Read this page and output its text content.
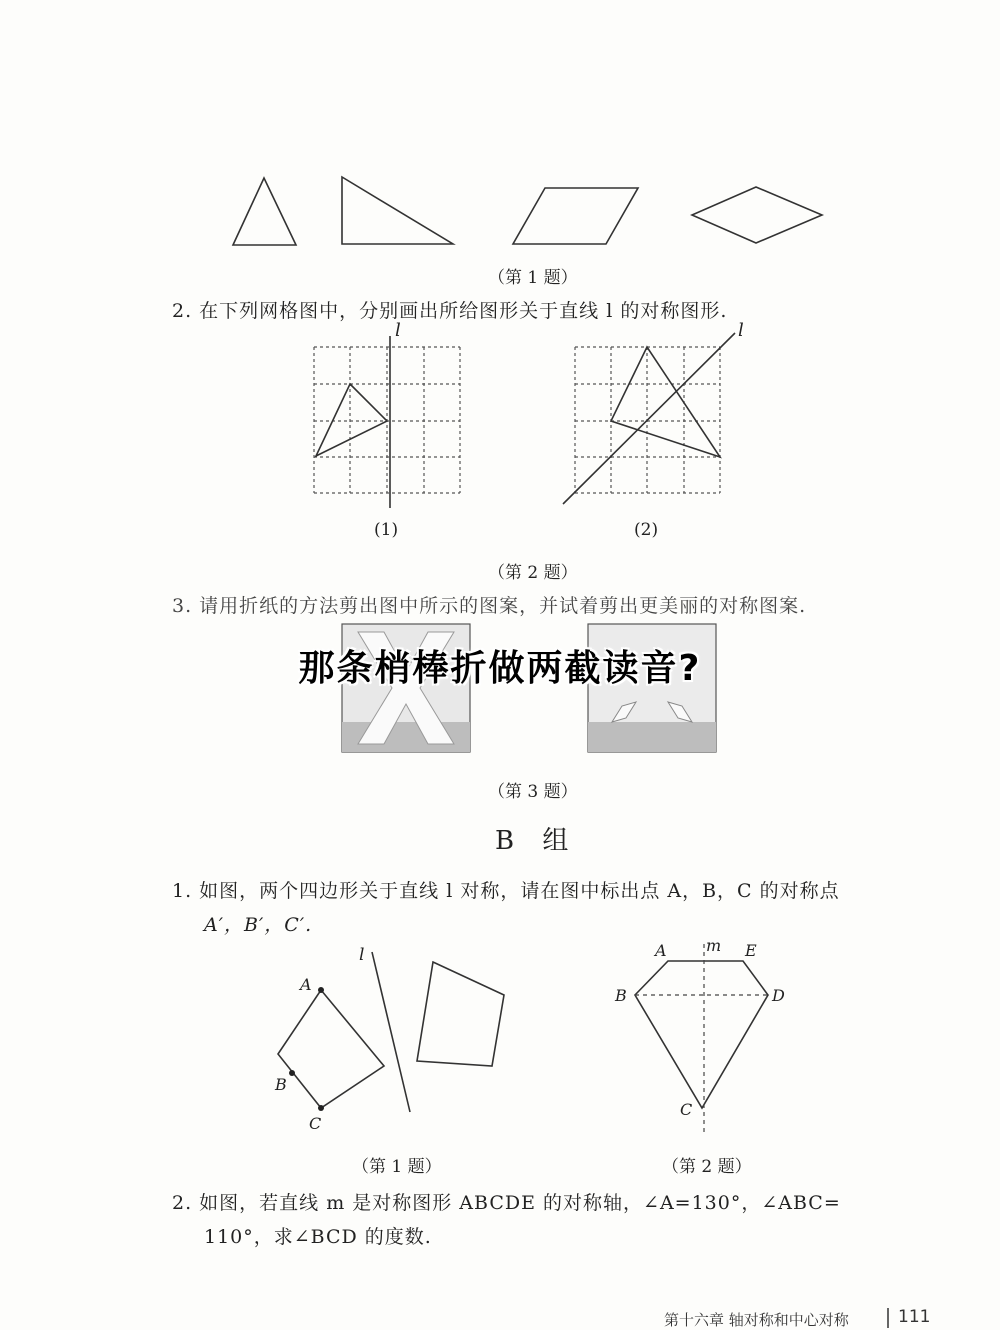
（第 1 题）
2. 在下列网格图中，分别画出所给图形关于直线 l 的对称图形.
l	l
(1)	(2)
（第 2 题）
3. 请用折纸的方法剪出图中所示的图案，并试着剪出更美丽的对称图案.
（第 3 题）
那条梢棒折做两截读音?
B 组
1. 如图，两个四边形关于直线 l 对称，请在图中标出点 A，B，C 的对称点
A′，B′，C′.
A
B
C
l
（第 1 题）
A m E
B	D
C
（第 2 题）
2. 如图，若直线 m 是对称图形 ABCDE 的对称轴，∠A=130°，∠ABC=
110°，求∠BCD 的度数.
第十六章 轴对称和中心对称	111
